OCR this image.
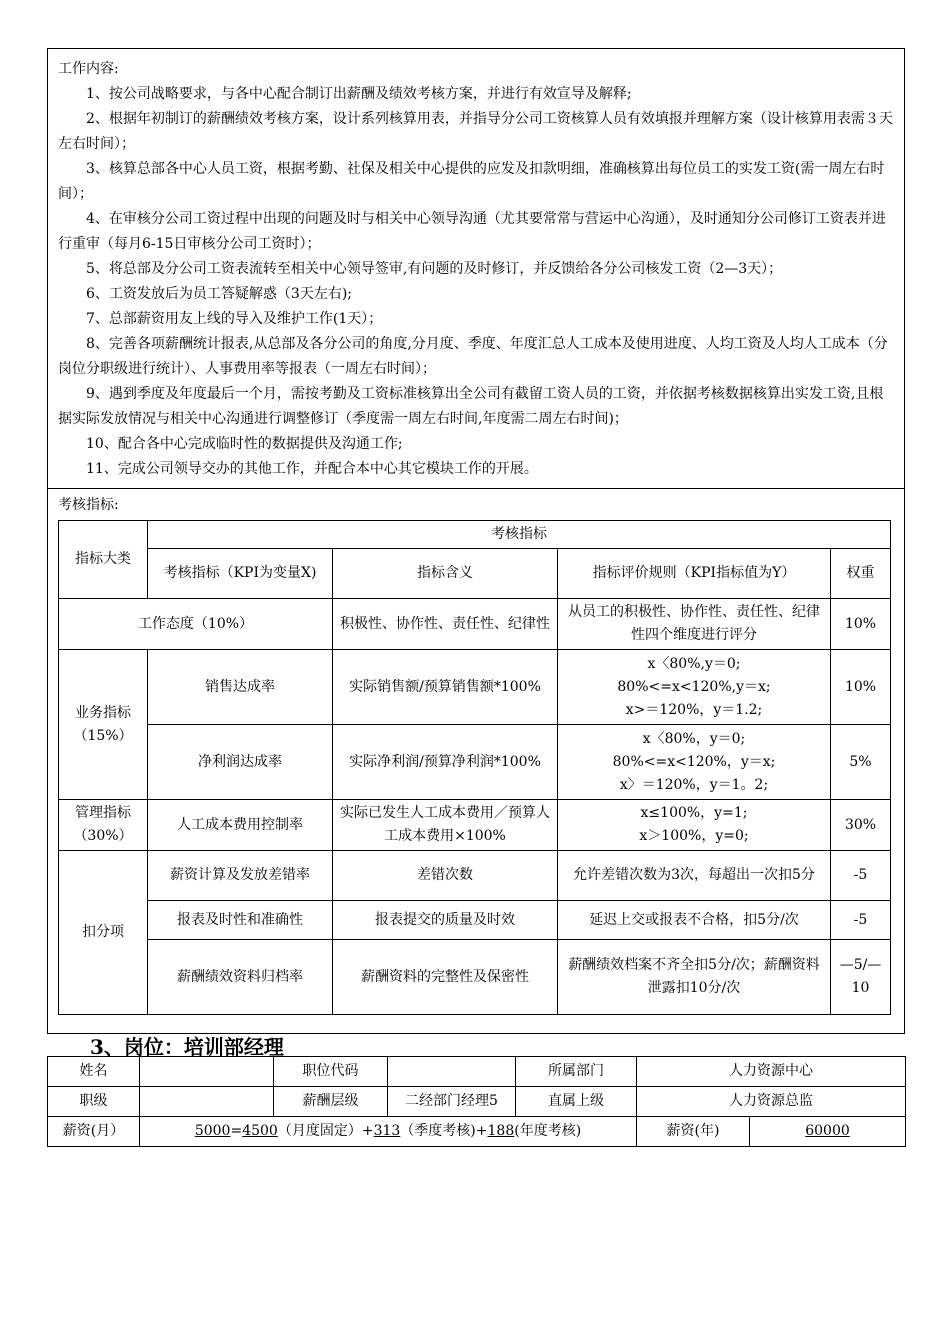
工作内容:

1、按公司战略要求，与各中心配合制订出薪酬及绩效考核方案，并进行有效宣导及解释;

2、根据年初制订的薪酬绩效考核方案，设计系列核算用表，并指导分公司工资核算人员有效填报并理解方案（设计核算用表需３天左右时间）；

3、核算总部各中心人员工资，根据考勤、社保及相关中心提供的应发及扣款明细，准确核算出每位员工的实发工资(需一周左右时间）；

4、在审核分公司工资过程中出现的问题及时与相关中心领导沟通（尤其要常常与营运中心沟通），及时通知分公司修订工资表并进行重审（每月6-15日审核分公司工资时）；

5、将总部及分公司工资表流转至相关中心领导签审,有问题的及时修订，并反馈给各分公司核发工资（2—3天）；

6、工资发放后为员工答疑解惑（3天左右);

7、总部薪资用友上线的导入及维护工作(1天）；

8、完善各项薪酬统计报表,从总部及各分公司的角度,分月度、季度、年度汇总人工成本及使用进度、人均工资及人均人工成本（分岗位分职级进行统计）、人事费用率等报表（一周左右时间）；

9、遇到季度及年度最后一个月，需按考勤及工资标准核算出全公司有截留工资人员的工资，并依据考核数据核算出实发工资,且根据实际发放情况与相关中心沟通进行调整修订（季度需一周左右时间,年度需二周左右时间)；

10、配合各中心完成临时性的数据提供及沟通工作;

11、完成公司领导交办的其他工作，并配合本中心其它模块工作的开展。

考核指标:
指标大类	考核指标			
	考核指标（KPI为变量X)	指标含义	指标评价规则（KPI指标值为Y）	权重
工作态度（10%）		积极性、协作性、责任性、纪律性	从员工的积极性、协作性、责任性、纪律性四个维度进行评分	10%
业务指标（15%）	销售达成率	实际销售额/预算销售额*100%	x〈80%,y＝0;
80%<=x<120%,y＝x;
x>＝120%，y＝1.2;	10%
	净利润达成率	实际净利润/预算净利润*100%	x〈80%，y＝0;
80%<=x<120%，y＝x;
x〉＝120%，y＝1。2;	5%
管理指标（30%）	人工成本费用控制率	实际已发生人工成本费用／预算人工成本费用×100%	x≤100%，y=1;
x＞100%，y=0;	30%
扣分项	薪资计算及发放差错率	差错次数	允许差错次数为3次，每超出一次扣5分	-5
	报表及时性和准确性	报表提交的质量及时效	延迟上交或报表不合格，扣5分/次	-5
	薪酬绩效资料归档率	薪酬资料的完整性及保密性	薪酬绩效档案不齐全扣5分/次；薪酬资料泄露扣10分/次	—5/—10
3、岗位：培训部经理
姓名		职位代码		所属部门	人力资源中心	
职级		薪酬层级	二经部门经理5	直属上级	人力资源总监	
薪资(月）	5000=4500（月度固定）+313（季度考核)+188(年度考核)				薪资(年)	60000
